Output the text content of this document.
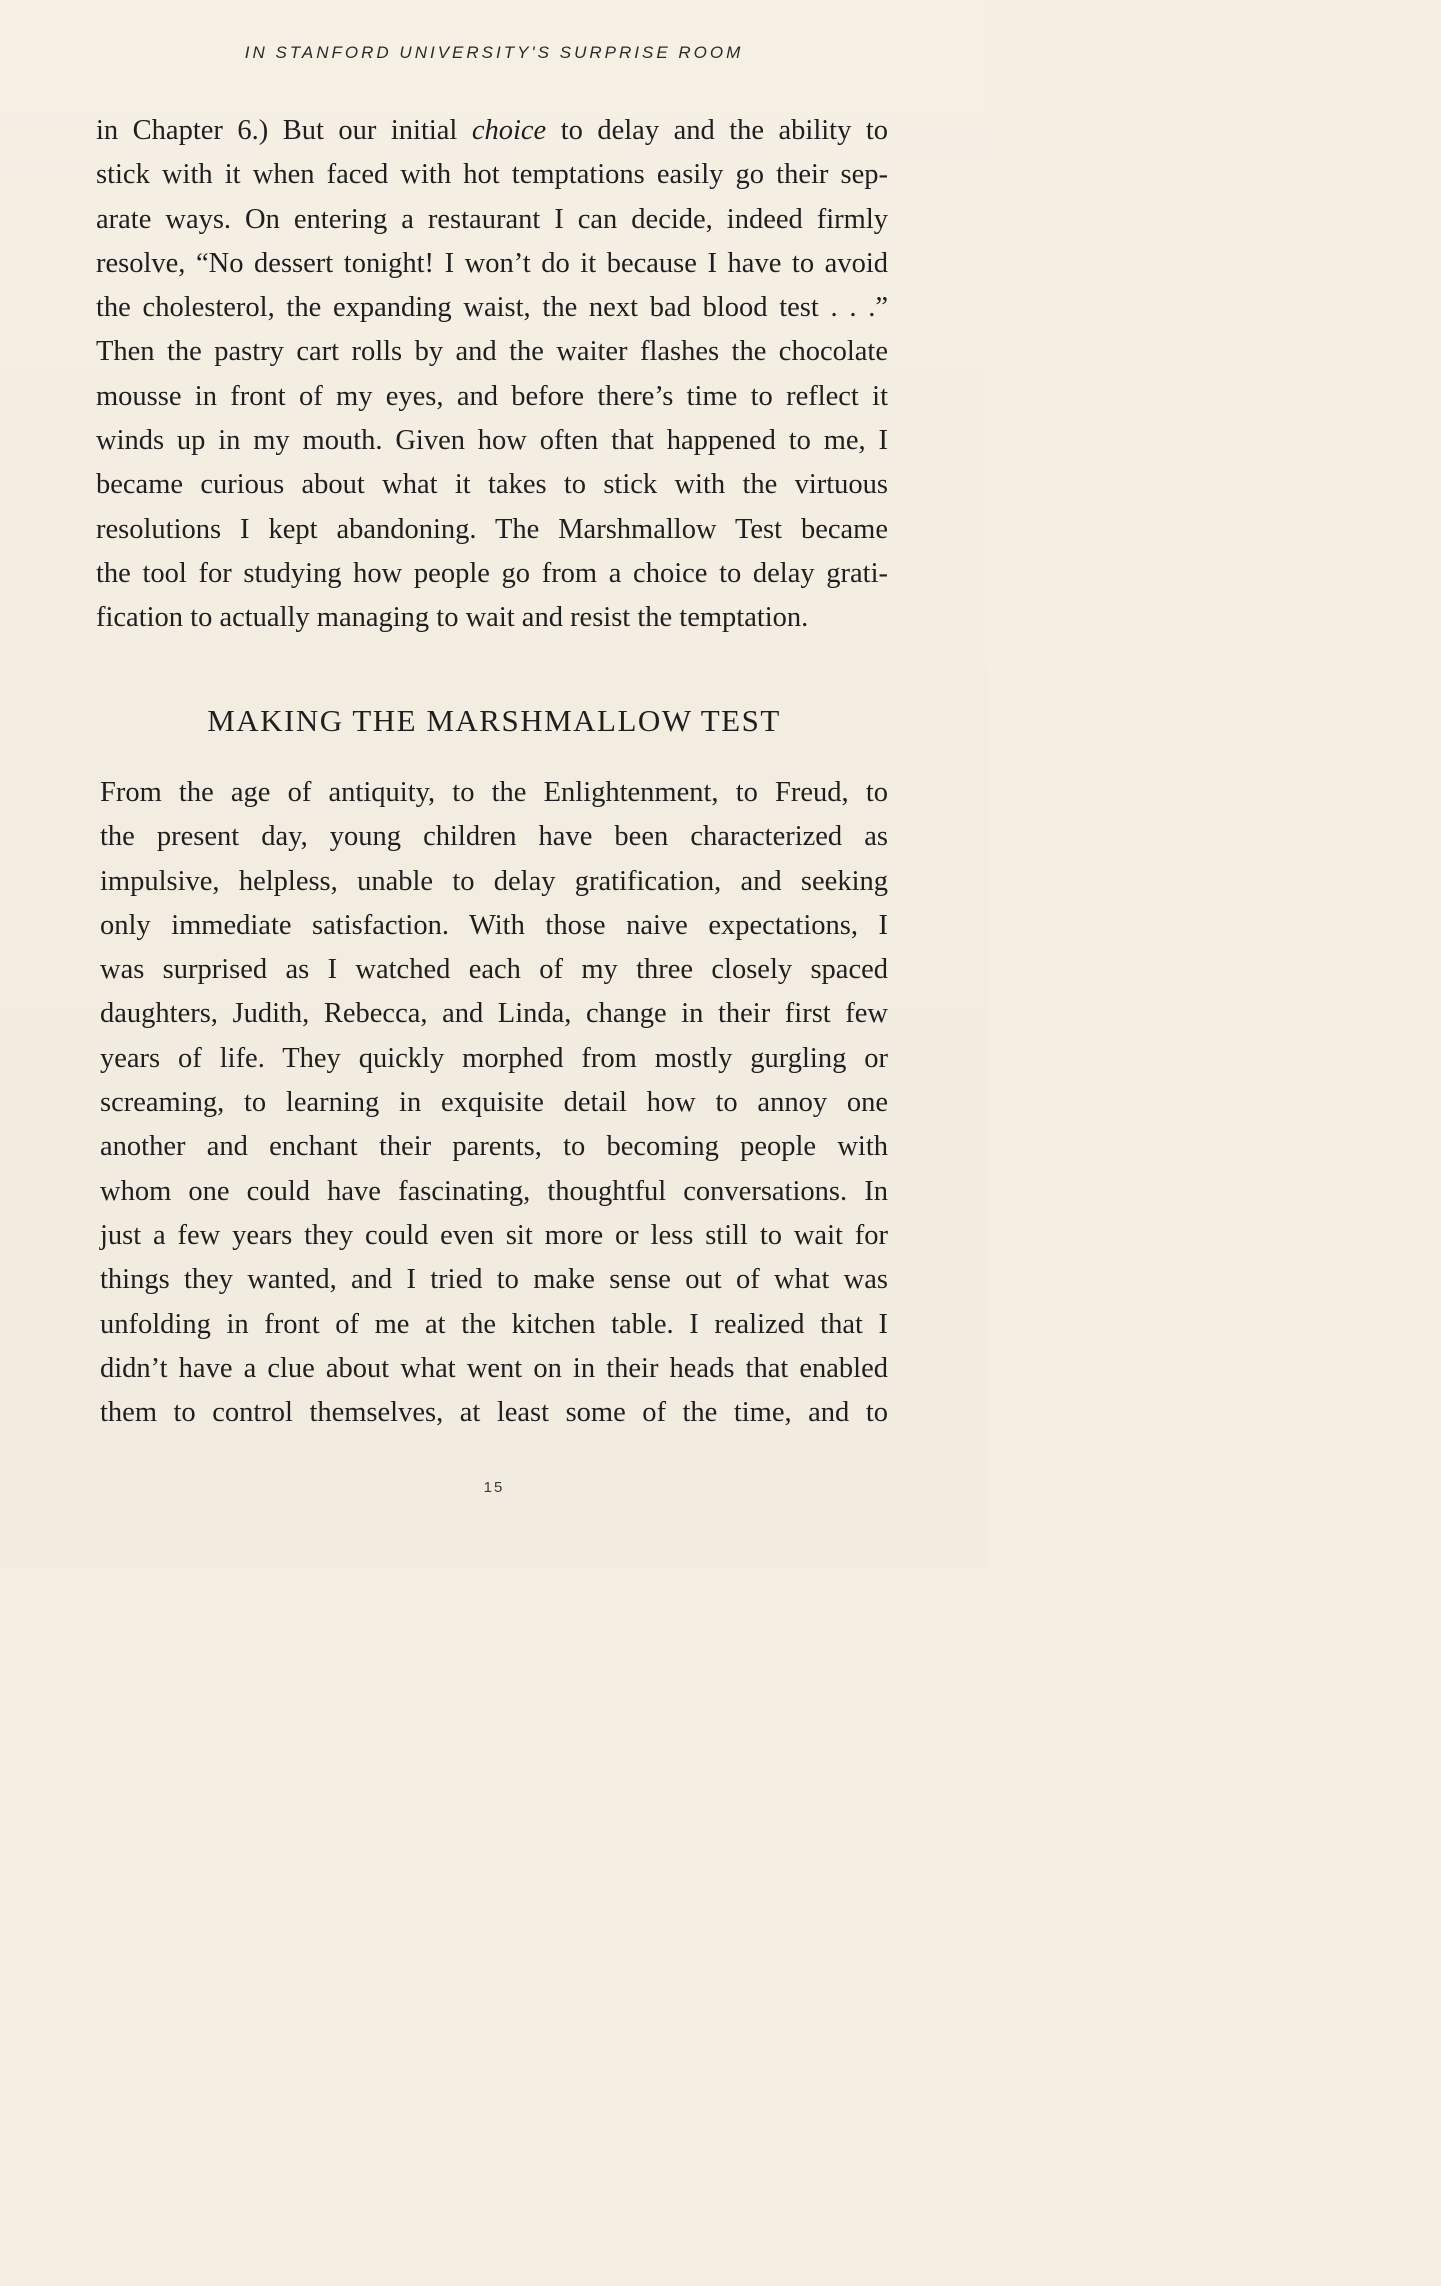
IN STANFORD UNIVERSITY'S SURPRISE ROOM
in Chapter 6.) But our initial choice to delay and the ability to
stick with it when faced with hot temptations easily go their sep-
arate ways. On entering a restaurant I can decide, indeed firmly
resolve, “No dessert tonight! I won’t do it because I have to avoid
the cholesterol, the expanding waist, the next bad blood test . . .”
Then the pastry cart rolls by and the waiter flashes the chocolate
mousse in front of my eyes, and before there’s time to reflect it
winds up in my mouth. Given how often that happened to me, I
became curious about what it takes to stick with the virtuous
resolutions I kept abandoning. The Marshmallow Test became
the tool for studying how people go from a choice to delay grati-
fication to actually managing to wait and resist the temptation.
MAKING THE MARSHMALLOW TEST
From the age of antiquity, to the Enlightenment, to Freud, to
the present day, young children have been characterized as
impulsive, helpless, unable to delay gratification, and seeking
only immediate satisfaction. With those naive expectations, I
was surprised as I watched each of my three closely spaced
daughters, Judith, Rebecca, and Linda, change in their first few
years of life. They quickly morphed from mostly gurgling or
screaming, to learning in exquisite detail how to annoy one
another and enchant their parents, to becoming people with
whom one could have fascinating, thoughtful conversations. In
just a few years they could even sit more or less still to wait for
things they wanted, and I tried to make sense out of what was
unfolding in front of me at the kitchen table. I realized that I
didn’t have a clue about what went on in their heads that enabled
them to control themselves, at least some of the time, and to
15
